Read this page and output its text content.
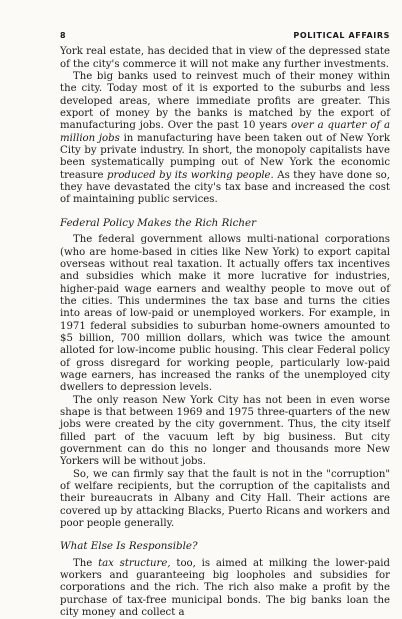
8	POLITICAL AFFAIRS

York real estate, has decided that in view of the depressed state of the city's commerce it will not make any further investments.

The big banks used to reinvest much of their money within the city. Today most of it is exported to the suburbs and less developed areas, where immediate profits are greater. This export of money by the banks is matched by the export of manufacturing jobs. Over the past 10 years over a quarter of a million jobs in manufacturing have been taken out of New York City by private industry. In short, the monopoly capitalists have been systematically pumping out of New York the economic treasure produced by its working people. As they have done so, they have devastated the city's tax base and increased the cost of maintaining public services.

Federal Policy Makes the Rich Richer

The federal government allows multi-national corporations (who are home-based in cities like New York) to export capital overseas without real taxation. It actually offers tax incentives and subsidies which make it more lucrative for industries, higher-paid wage earners and wealthy people to move out of the cities. This undermines the tax base and turns the cities into areas of low-paid or unemployed workers. For example, in 1971 federal subsidies to suburban home-owners amounted to $5 billion, 700 million dollars, which was twice the amount alloted for low-income public housing. This clear Federal policy of gross disregard for working people, particularly low-paid wage earners, has increased the ranks of the unemployed city dwellers to depression levels.

The only reason New York City has not been in even worse shape is that between 1969 and 1975 three-quarters of the new jobs were created by the city government. Thus, the city itself filled part of the vacuum left by big business. But city government can do this no longer and thousands more New Yorkers will be without jobs.

So, we can firmly say that the fault is not in the "corruption" of welfare recipients, but the corruption of the capitalists and their bureaucrats in Albany and City Hall. Their actions are covered up by attacking Blacks, Puerto Ricans and workers and poor people generally.

What Else Is Responsible?

The tax structure, too, is aimed at milking the lower-paid workers and guaranteeing big loopholes and subsidies for corporations and the rich. The rich also make a profit by the purchase of tax-free municipal bonds. The big banks loan the city money and collect a
